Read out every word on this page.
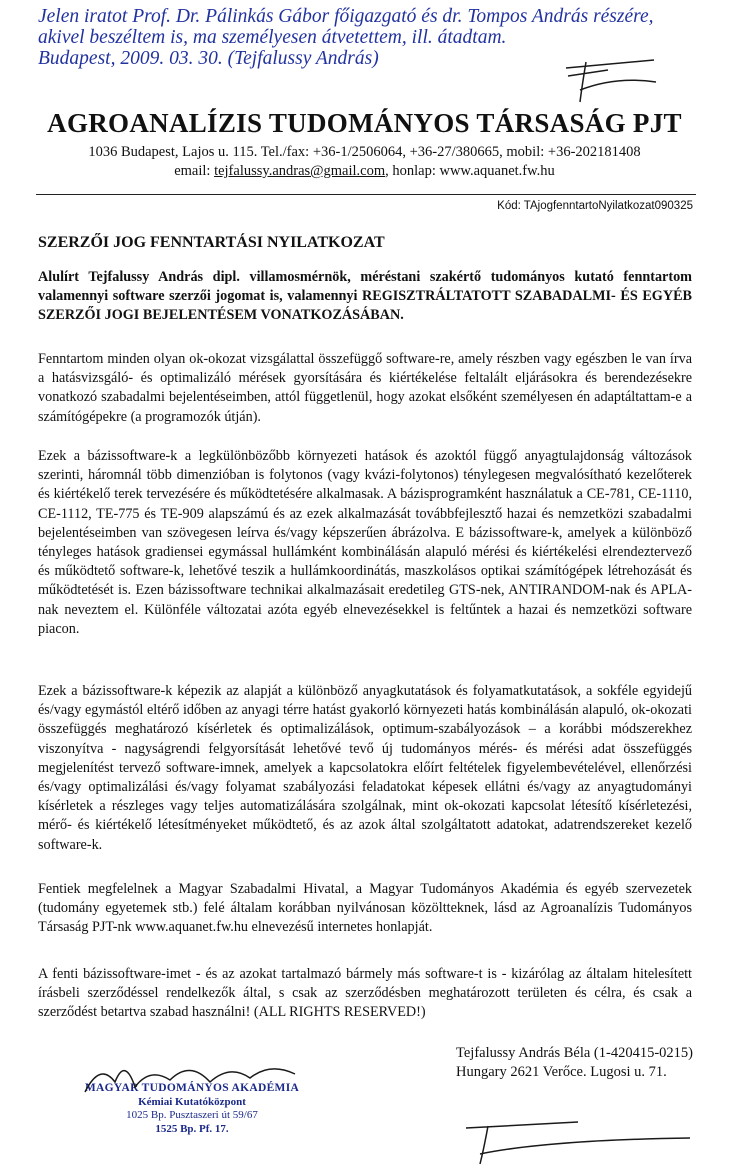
Jelen iratot Prof. Dr. Pálinkás Gábor főigazgató és dr. Tompos András részére,
akivel beszéltem is, ma személyesen átvetettem, ill. átadtam.
Budapest, 2009. 03. 30. (Tejfalussy András)
AGROANALÍZIS TUDOMÁNYOS TÁRSASÁG PJT
1036 Budapest, Lajos u. 115. Tel./fax: +36-1/2506064, +36-27/380665, mobil: +36-202181408
email: tejfalussy.andras@gmail.com, honlap: www.aquanet.fw.hu
Kód: TAjogfenntartoNyilatkozat090325
SZERZŐI JOG FENNTARTÁSI NYILATKOZAT
Alulírt Tejfalussy András dipl. villamosmérnök, méréstani szakértő tudományos kutató fenntartom valamennyi software szerzői jogomat is, valamennyi REGISZTRÁLTATOTT SZABADALMI- ÉS EGYÉB SZERZŐI JOGI BEJELENTÉSEM VONATKOZÁSÁBAN.
Fenntartom minden olyan ok-okozat vizsgálattal összefüggő software-re, amely részben vagy egészben le van írva a hatásvizsgáló- és optimalizáló mérések gyorsítására és kiértékelése feltalált eljárásokra és berendezésekre vonatkozó szabadalmi bejelentéseimben, attól függetlenül, hogy azokat elsőként személyesen én adaptáltattam-e a számítógépekre (a programozók útján).
Ezek a bázissoftware-k a legkülönbözőbb környezeti hatások és azoktól függő anyagtulajdonság változások szerinti, háromnál több dimenzióban is folytonos (vagy kvázi-folytonos) ténylegesen megvalósítható kezelőterek és kiértékelő terek tervezésére és működtetésére alkalmasak. A bázisprogramként használatuk a CE-781, CE-1110, CE-1112, TE-775 és TE-909 alapszámú és az ezek alkalmazását továbbfejlesztő hazai és nemzetközi szabadalmi bejelentéseimben van szövegesen leírva és/vagy képszerűen ábrázolva. E bázissoftware-k, amelyek a különböző tényleges hatások gradiensei egymással hullámként kombinálásán alapuló mérési és kiértékelési elrendeztervező és működtető software-k, lehetővé teszik a hullámkoordinátás, maszkolásos optikai számítógépek létrehozását és működtetését is. Ezen bázissoftware technikai alkalmazásait eredetileg GTS-nek, ANTIRANDOM-nak és APLA-nak neveztem el. Különféle változatai azóta egyéb elnevezésekkel is feltűntek a hazai és nemzetközi software piacon.
Ezek a bázissoftware-k képezik az alapját a különböző anyagkutatások és folyamatkutatások, a sokféle egyidejű és/vagy egymástól eltérő időben az anyagi térre hatást gyakorló környezeti hatás kombinálásán alapuló, ok-okozati összefüggés meghatározó kísérletek és optimalizálások, optimum-szabályozások – a korábbi módszerekhez viszonyítva - nagyságrendi felgyorsítását lehetővé tevő új tudományos mérés- és mérési adat összefüggés megjelenítést tervező software-imnek, amelyek a kapcsolatokra előírt feltételek figyelembevételével, ellenőrzési és/vagy optimalizálási és/vagy folyamat szabályozási feladatokat képesek ellátni és/vagy az anyagtudományi kísérletek a részleges vagy teljes automatizálására szolgálnak, mint ok-okozati kapcsolat létesítő kísérletezési, mérő- és kiértékelő létesítményeket működtető, és az azok által szolgáltatott adatokat, adatrendszereket kezelő software-k.
Fentiek megfelelnek a Magyar Szabadalmi Hivatal, a Magyar Tudományos Akadémia és egyéb szervezetek (tudomány egyetemek stb.) felé általam korábban nyilvánosan közöltteknek, lásd az Agroanalízis Tudományos Társaság PJT-nk www.aquanet.fw.hu elnevezésű internetes honlapját.
A fenti bázissoftware-imet - és az azokat tartalmazó bármely más software-t is - kizárólag az általam hitelesített írásbeli szerződéssel rendelkezők által, s csak az szerződésben meghatározott területen és célra, és csak a szerződést betartva szabad használni! (ALL RIGHTS RESERVED!)
Tejfalussy András Béla (1-420415-0215)
Hungary 2621 Verőce. Lugosi u. 71.
MAGYAR TUDOMÁNYOS AKADÉMIA
Kémiai Kutatóközpont
1025 Bp. Pusztaszeri út 59/67
1525 Bp. Pf. 17.
